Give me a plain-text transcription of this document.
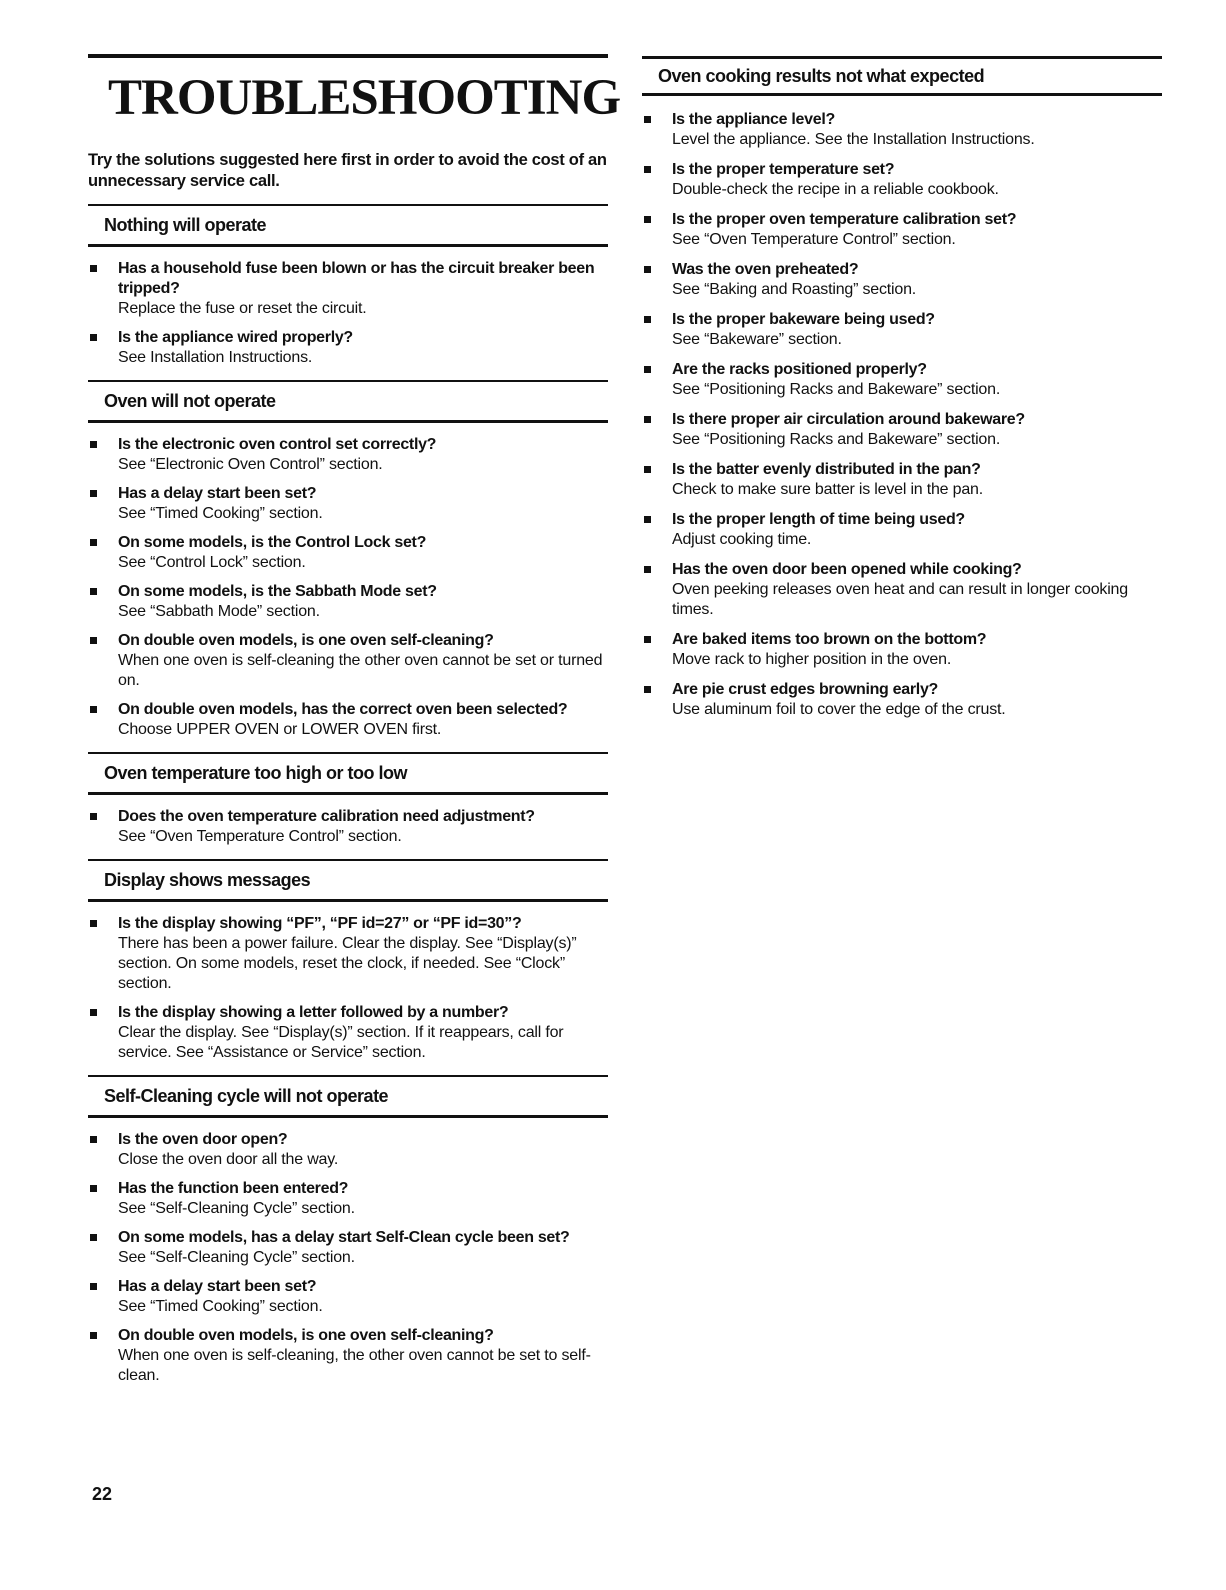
TROUBLESHOOTING
Try the solutions suggested here first in order to avoid the cost of an unnecessary service call.
Nothing will operate
Has a household fuse been blown or has the circuit breaker been tripped?
Replace the fuse or reset the circuit.
Is the appliance wired properly?
See Installation Instructions.
Oven will not operate
Is the electronic oven control set correctly?
See “Electronic Oven Control” section.
Has a delay start been set?
See “Timed Cooking” section.
On some models, is the Control Lock set?
See “Control Lock” section.
On some models, is the Sabbath Mode set?
See “Sabbath Mode” section.
On double oven models, is one oven self-cleaning?
When one oven is self-cleaning the other oven cannot be set or turned on.
On double oven models, has the correct oven been selected?
Choose UPPER OVEN or LOWER OVEN first.
Oven temperature too high or too low
Does the oven temperature calibration need adjustment?
See “Oven Temperature Control” section.
Display shows messages
Is the display showing “PF”, “PF id=27” or “PF id=30”?
There has been a power failure. Clear the display. See “Display(s)” section. On some models, reset the clock, if needed. See “Clock” section.
Is the display showing a letter followed by a number?
Clear the display. See “Display(s)” section. If it reappears, call for service. See “Assistance or Service” section.
Self-Cleaning cycle will not operate
Is the oven door open?
Close the oven door all the way.
Has the function been entered?
See “Self-Cleaning Cycle” section.
On some models, has a delay start Self-Clean cycle been set?
See “Self-Cleaning Cycle” section.
Has a delay start been set?
See “Timed Cooking” section.
On double oven models, is one oven self-cleaning?
When one oven is self-cleaning, the other oven cannot be set to self-clean.
Oven cooking results not what expected
Is the appliance level?
Level the appliance. See the Installation Instructions.
Is the proper temperature set?
Double-check the recipe in a reliable cookbook.
Is the proper oven temperature calibration set?
See “Oven Temperature Control” section.
Was the oven preheated?
See “Baking and Roasting” section.
Is the proper bakeware being used?
See “Bakeware” section.
Are the racks positioned properly?
See “Positioning Racks and Bakeware” section.
Is there proper air circulation around bakeware?
See “Positioning Racks and Bakeware” section.
Is the batter evenly distributed in the pan?
Check to make sure batter is level in the pan.
Is the proper length of time being used?
Adjust cooking time.
Has the oven door been opened while cooking?
Oven peeking releases oven heat and can result in longer cooking times.
Are baked items too brown on the bottom?
Move rack to higher position in the oven.
Are pie crust edges browning early?
Use aluminum foil to cover the edge of the crust.
22
